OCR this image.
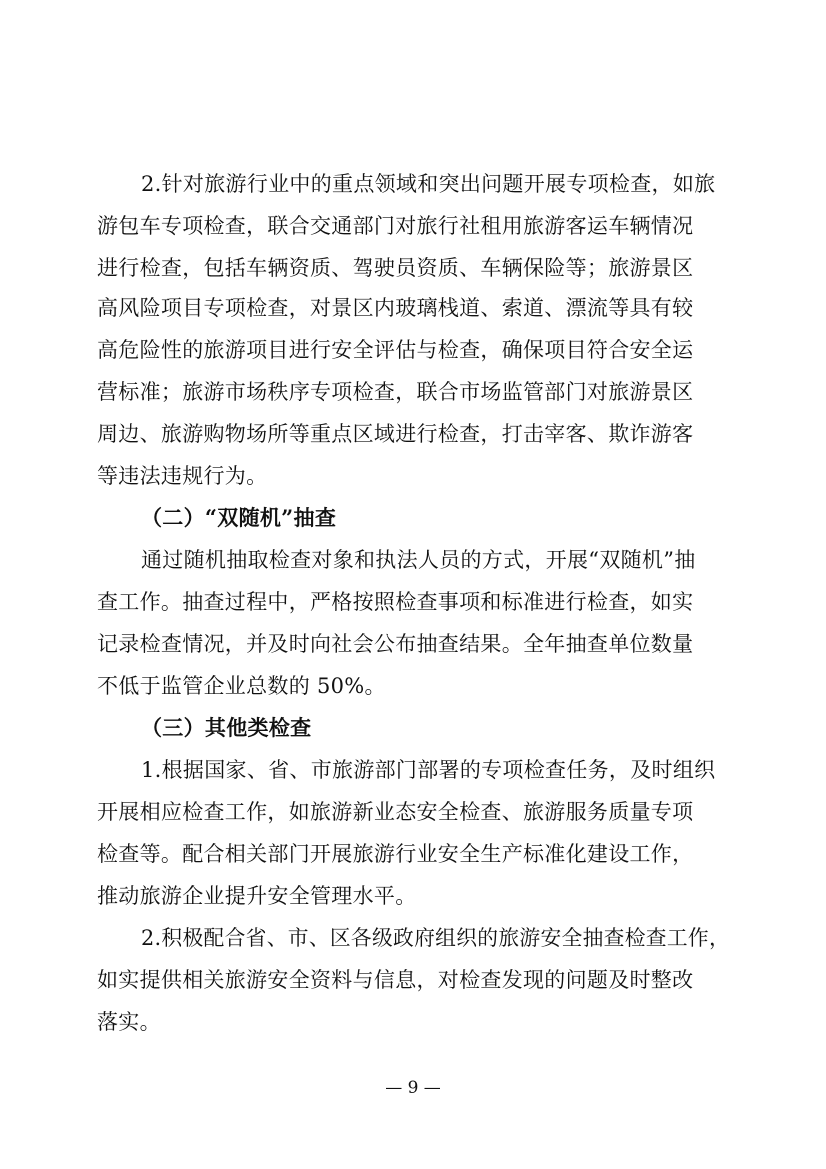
2.针对旅游行业中的重点领域和突出问题开展专项检查，如旅
游包车专项检查，联合交通部门对旅行社租用旅游客运车辆情况
进行检查，包括车辆资质、驾驶员资质、车辆保险等；旅游景区
高风险项目专项检查，对景区内玻璃栈道、索道、漂流等具有较
高危险性的旅游项目进行安全评估与检查，确保项目符合安全运
营标准；旅游市场秩序专项检查，联合市场监管部门对旅游景区
周边、旅游购物场所等重点区域进行检查，打击宰客、欺诈游客
等违法违规行为。
（二）“双随机”抽查
通过随机抽取检查对象和执法人员的方式，开展“双随机”抽
查工作。抽查过程中，严格按照检查事项和标准进行检查，如实
记录检查情况，并及时向社会公布抽查结果。全年抽查单位数量
不低于监管企业总数的 50%。
（三）其他类检查
1.根据国家、省、市旅游部门部署的专项检查任务，及时组织
开展相应检查工作，如旅游新业态安全检查、旅游服务质量专项
检查等。配合相关部门开展旅游行业安全生产标准化建设工作，
推动旅游企业提升安全管理水平。
2.积极配合省、市、区各级政府组织的旅游安全抽查检查工作，
如实提供相关旅游安全资料与信息，对检查发现的问题及时整改
落实。
— 9 —
